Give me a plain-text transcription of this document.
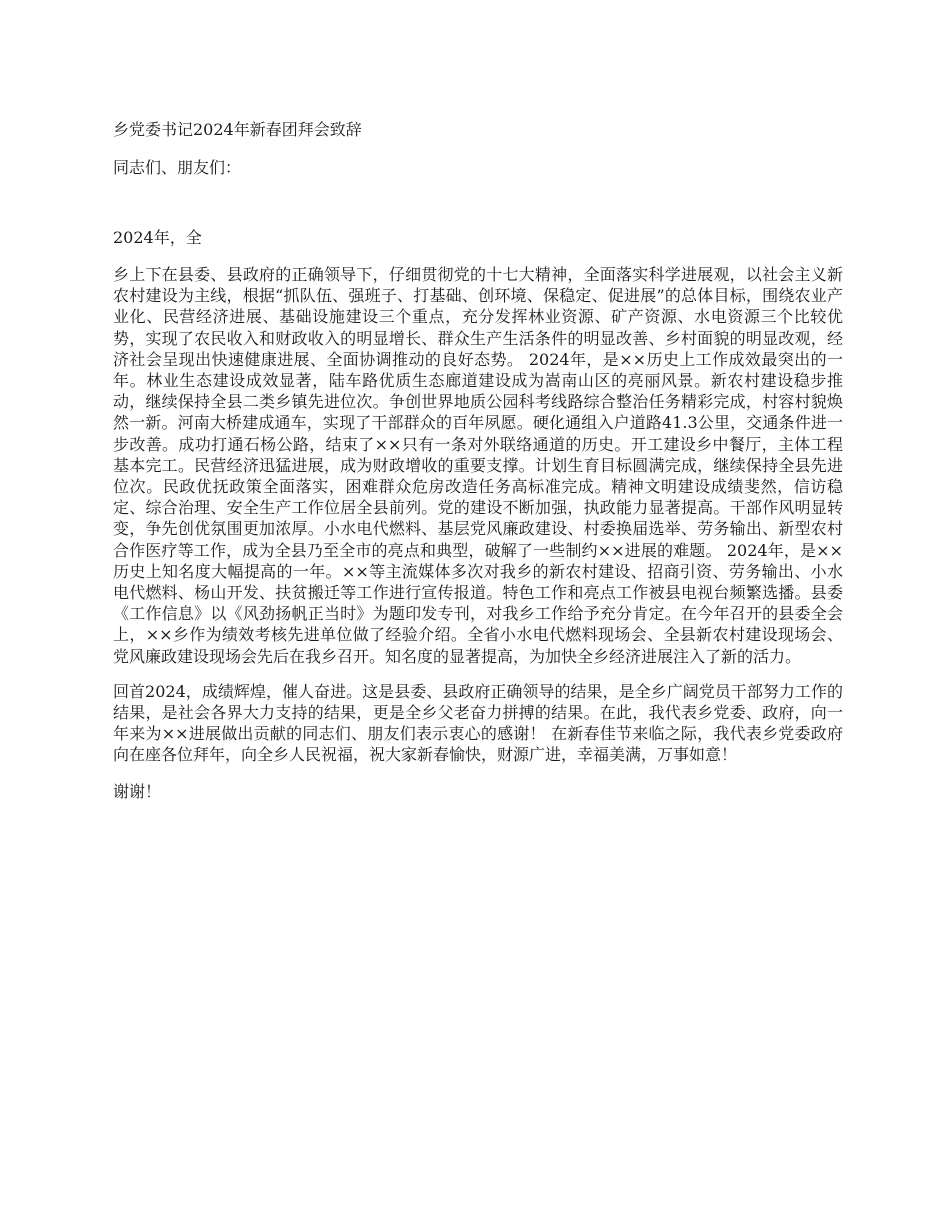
乡党委书记2024年新春团拜会致辞
同志们、朋友们：
2024年，全
乡上下在县委、县政府的正确领导下，仔细贯彻党的十七大精神，全面落实科学进展观，以社会主义新农村建设为主线，根据“抓队伍、强班子、打基础、创环境、保稳定、促进展”的总体目标，围绕农业产业化、民营经济进展、基础设施建设三个重点，充分发挥林业资源、矿产资源、水电资源三个比较优势，实现了农民收入和财政收入的明显增长、群众生产生活条件的明显改善、乡村面貌的明显改观，经济社会呈现出快速健康进展、全面协调推动的良好态势。 2024年，是××历史上工作成效最突出的一年。林业生态建设成效显著，陆车路优质生态廊道建设成为嵩南山区的亮丽风景。新农村建设稳步推动，继续保持全县二类乡镇先进位次。争创世界地质公园科考线路综合整治任务精彩完成，村容村貌焕然一新。河南大桥建成通车，实现了干部群众的百年夙愿。硬化通组入户道路41.3公里，交通条件进一步改善。成功打通石杨公路，结束了××只有一条对外联络通道的历史。开工建设乡中餐厅，主体工程基本完工。民营经济迅猛进展，成为财政增收的重要支撑。计划生育目标圆满完成，继续保持全县先进位次。民政优抚政策全面落实，困难群众危房改造任务高标准完成。精神文明建设成绩斐然，信访稳定、综合治理、安全生产工作位居全县前列。党的建设不断加强，执政能力显著提高。干部作风明显转变，争先创优氛围更加浓厚。小水电代燃料、基层党风廉政建设、村委换届选举、劳务输出、新型农村合作医疗等工作，成为全县乃至全市的亮点和典型，破解了一些制约××进展的难题。 2024年，是××历史上知名度大幅提高的一年。××等主流媒体多次对我乡的新农村建设、招商引资、劳务输出、小水电代燃料、杨山开发、扶贫搬迁等工作进行宣传报道。特色工作和亮点工作被县电视台频繁选播。县委《工作信息》以《风劲扬帆正当时》为题印发专刊，对我乡工作给予充分肯定。在今年召开的县委全会上，××乡作为绩效考核先进单位做了经验介绍。全省小水电代燃料现场会、全县新农村建设现场会、党风廉政建设现场会先后在我乡召开。知名度的显著提高，为加快全乡经济进展注入了新的活力。
回首2024，成绩辉煌，催人奋进。这是县委、县政府正确领导的结果，是全乡广阔党员干部努力工作的结果，是社会各界大力支持的结果，更是全乡父老奋力拼搏的结果。在此，我代表乡党委、政府，向一年来为××进展做出贡献的同志们、朋友们表示衷心的感谢！ 在新春佳节来临之际，我代表乡党委政府向在座各位拜年，向全乡人民祝福，祝大家新春愉快，财源广进，幸福美满，万事如意！
谢谢！
